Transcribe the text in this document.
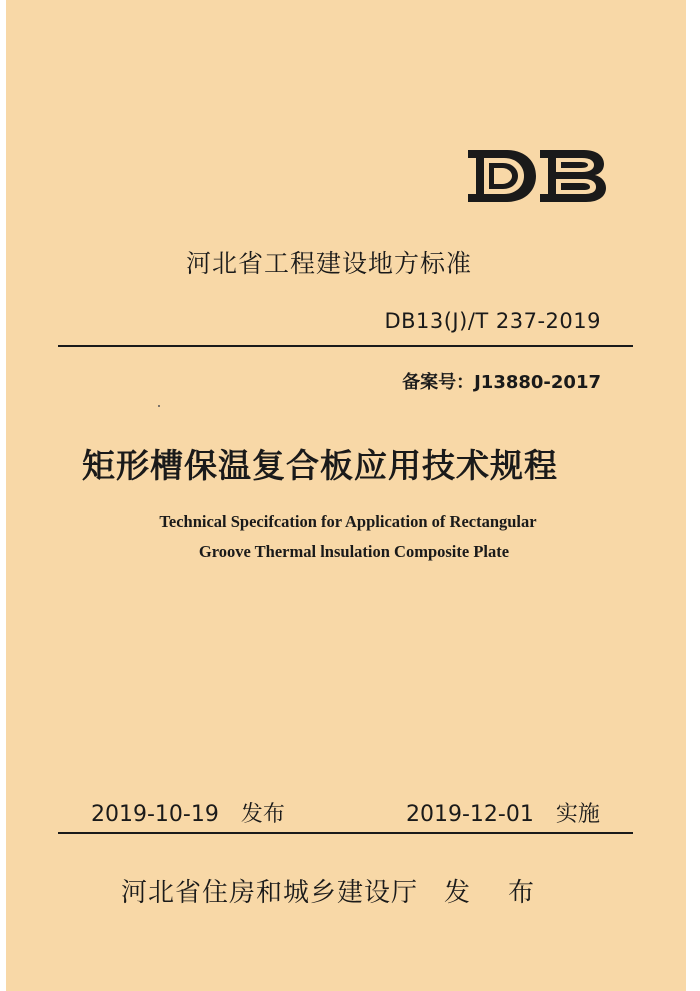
河北省工程建设地方标准
DB13(J)/T 237-2019
备案号：J13880-2017
矩形槽保温复合板应用技术规程
Technical Specifcation for Application of Rectangular
Groove Thermal lnsulation Composite Plate
2019-10-19 发布	2019-12-01 实施
河北省住房和城乡建设厅 发布
